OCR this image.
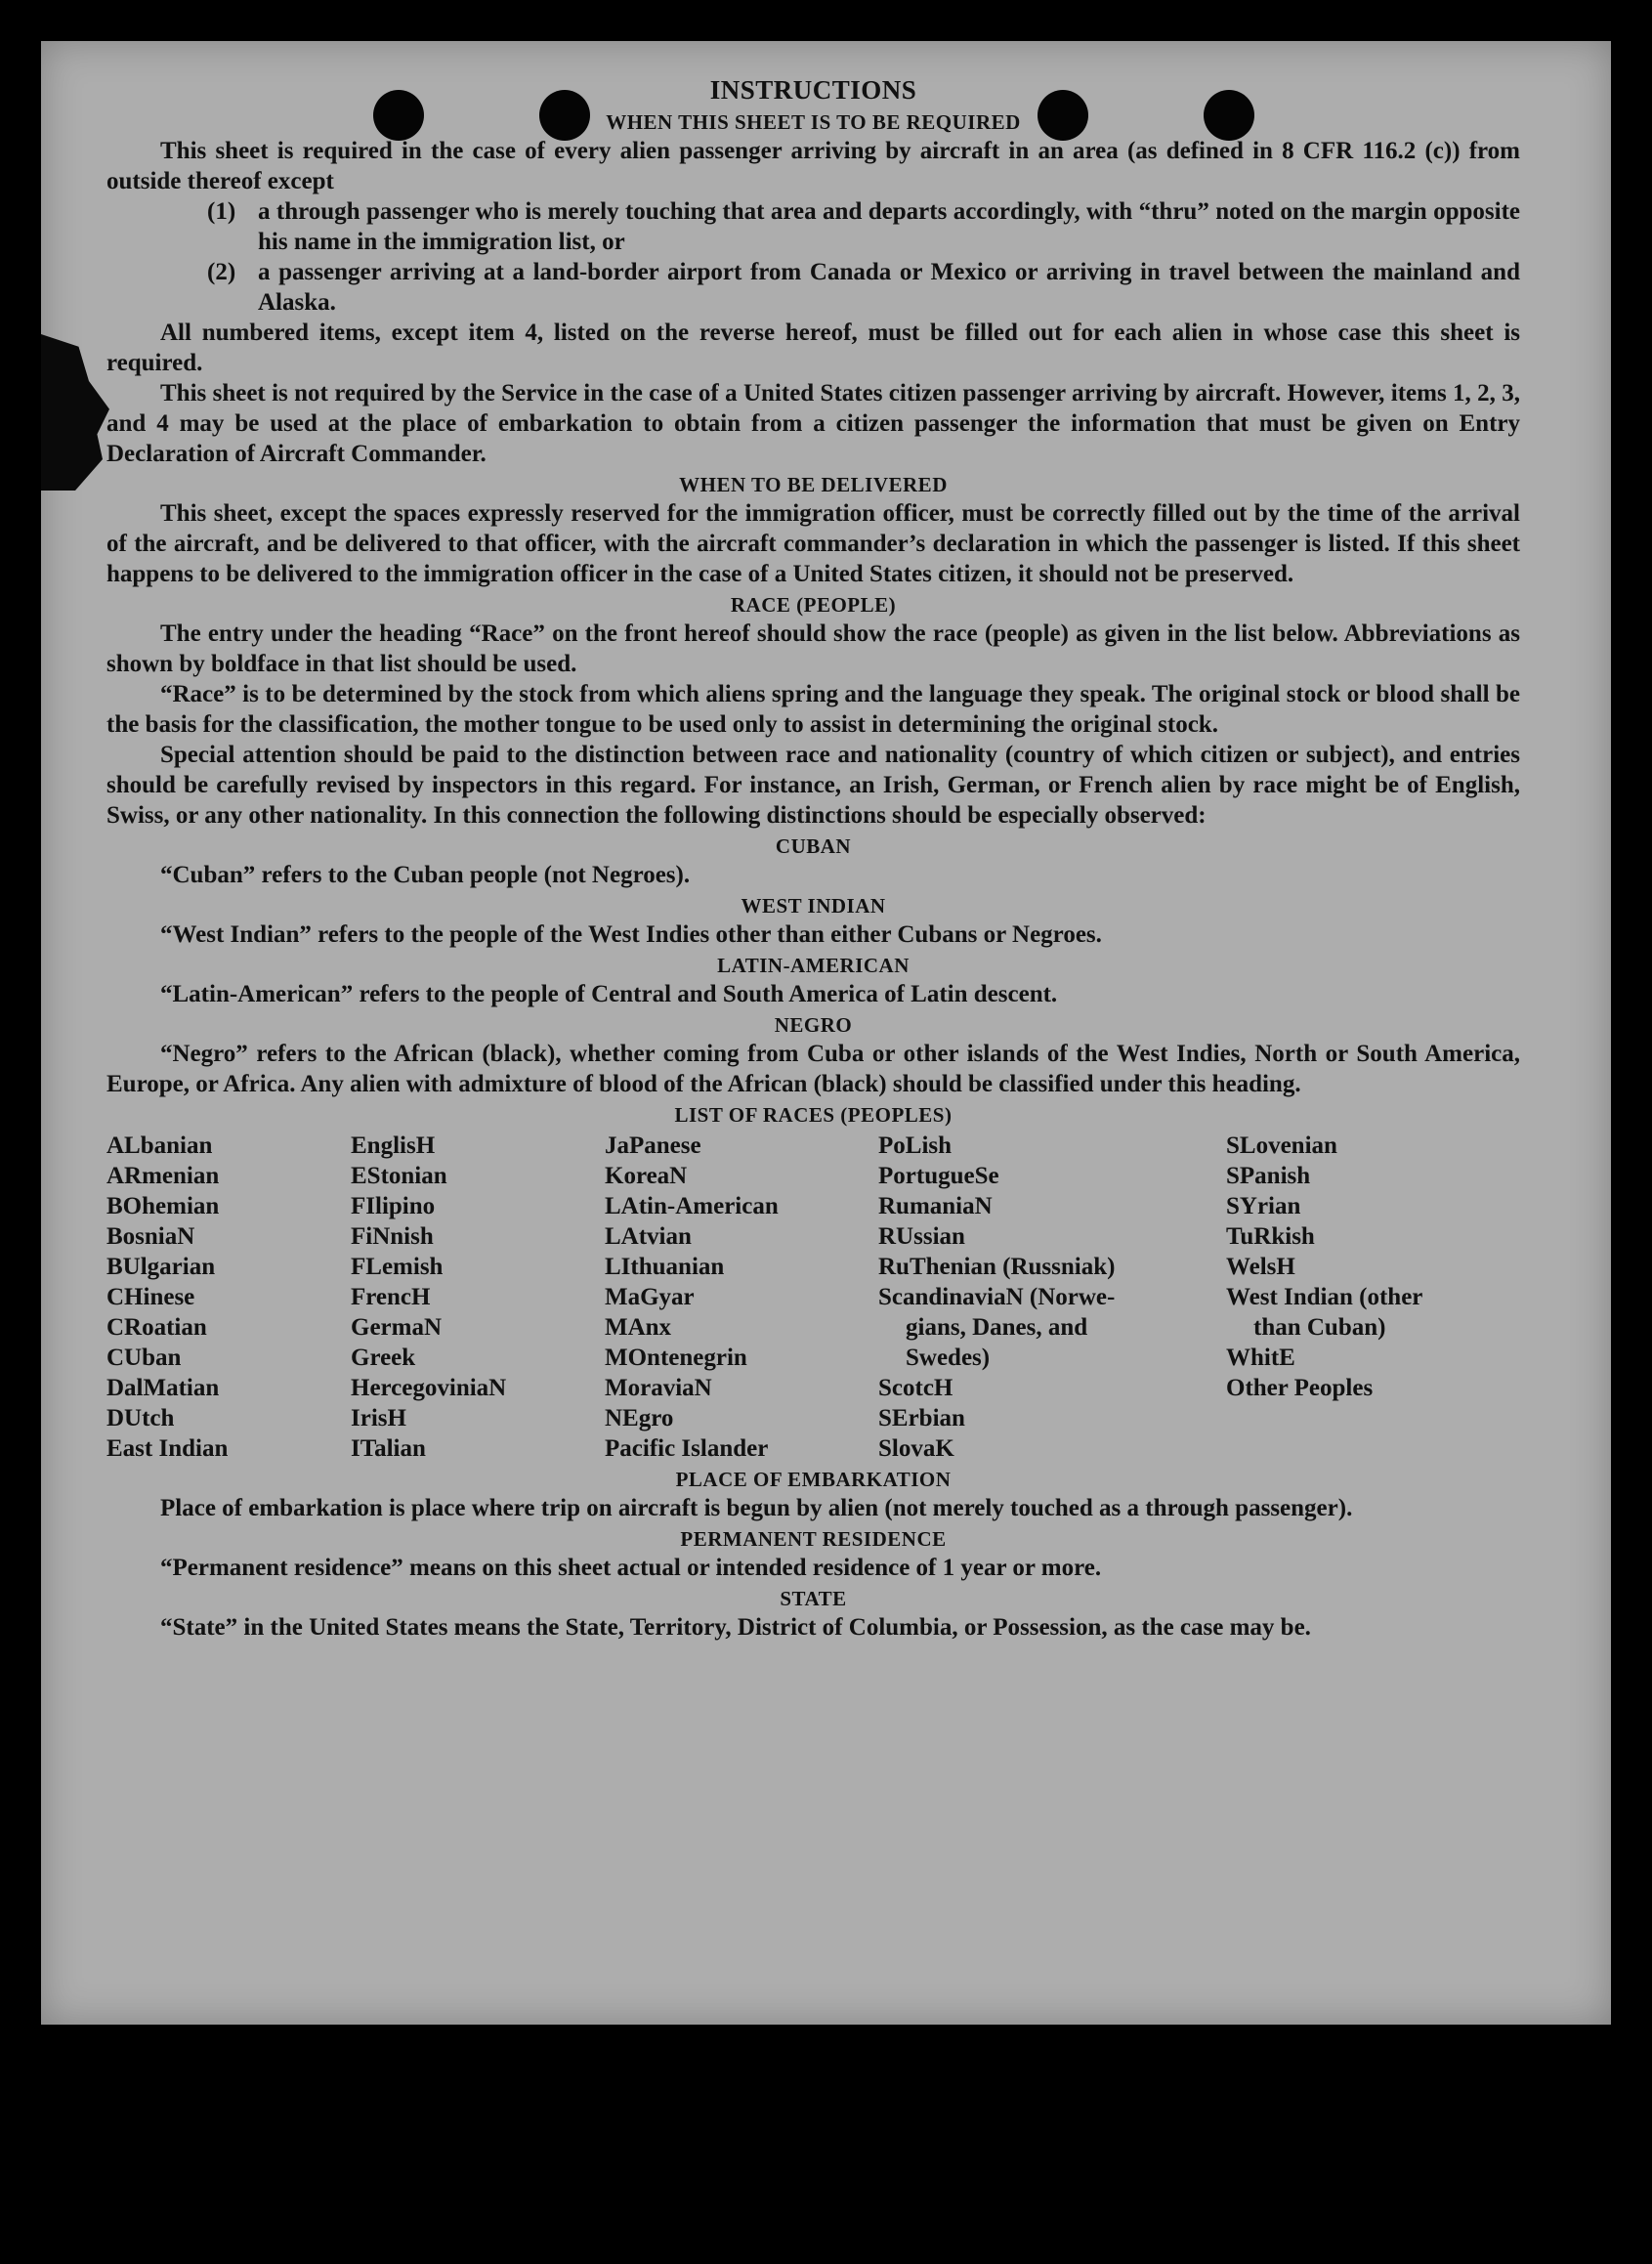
INSTRUCTIONS
WHEN THIS SHEET IS TO BE REQUIRED

This sheet is required in the case of every alien passenger arriving by aircraft in an area (as defined in 8 CFR 116.2 (c)) from outside thereof except

(1) a through passenger who is merely touching that area and departs accordingly, with “thru” noted on the margin opposite his name in the immigration list, or
(2) a passenger arriving at a land-border airport from Canada or Mexico or arriving in travel between the mainland and Alaska.

All numbered items, except item 4, listed on the reverse hereof, must be filled out for each alien in whose case this sheet is required.

This sheet is not required by the Service in the case of a United States citizen passenger arriving by aircraft. However, items 1, 2, 3, and 4 may be used at the place of embarkation to obtain from a citizen passenger the information that must be given on Entry Declaration of Aircraft Commander.

WHEN TO BE DELIVERED

This sheet, except the spaces expressly reserved for the immigration officer, must be correctly filled out by the time of the arrival of the aircraft, and be delivered to that officer, with the aircraft commander’s declaration in which the passenger is listed. If this sheet happens to be delivered to the immigration officer in the case of a United States citizen, it should not be preserved.

RACE (PEOPLE)

The entry under the heading “Race” on the front hereof should show the race (people) as given in the list below. Abbreviations as shown by boldface in that list should be used.

“Race” is to be determined by the stock from which aliens spring and the language they speak. The original stock or blood shall be the basis for the classification, the mother tongue to be used only to assist in determining the original stock.

Special attention should be paid to the distinction between race and nationality (country of which citizen or subject), and entries should be carefully revised by inspectors in this regard. For instance, an Irish, German, or French alien by race might be of English, Swiss, or any other nationality. In this connection the following distinctions should be especially observed:

CUBAN

“Cuban” refers to the Cuban people (not Negroes).

WEST INDIAN

“West Indian” refers to the people of the West Indies other than either Cubans or Negroes.

LATIN-AMERICAN

“Latin-American” refers to the people of Central and South America of Latin descent.

NEGRO

“Negro” refers to the African (black), whether coming from Cuba or other islands of the West Indies, North or South America, Europe, or Africa. Any alien with admixture of blood of the African (black) should be classified under this heading.

LIST OF RACES (PEOPLES)
ALbanian
ARmenian
BOhemian
BosniaN
BUlgarian
CHinese
CRoatian
CUban
DalMatian
DUtch
East Indian
EnglisH
EStonian
FIlipino
FiNnish
FLemish
FrencH
GermaN
Greek
HercegoviniaN
IrisH
ITalian
JaPanese
KoreaN
LAtin-American
LAtvian
LIthuanian
MaGyar
MAnx
MOntenegrin
MoraviaN
NEgro
Pacific Islander
PoLish
PortugueSe
RumaniaN
RUssian
RuThenian (Russniak)
ScandinaviaN (Norwe-
gians, Danes, and
Swedes)
ScotcH
SErbian
SlovaK
SLovenian
SPanish
SYrian
TuRkish
WelsH
West Indian (other
than Cuban)
WhitE
Other Peoples
PLACE OF EMBARKATION

Place of embarkation is place where trip on aircraft is begun by alien (not merely touched as a through passenger).

PERMANENT RESIDENCE

“Permanent residence” means on this sheet actual or intended residence of 1 year or more.

STATE

“State” in the United States means the State, Territory, District of Columbia, or Possession, as the case may be.
